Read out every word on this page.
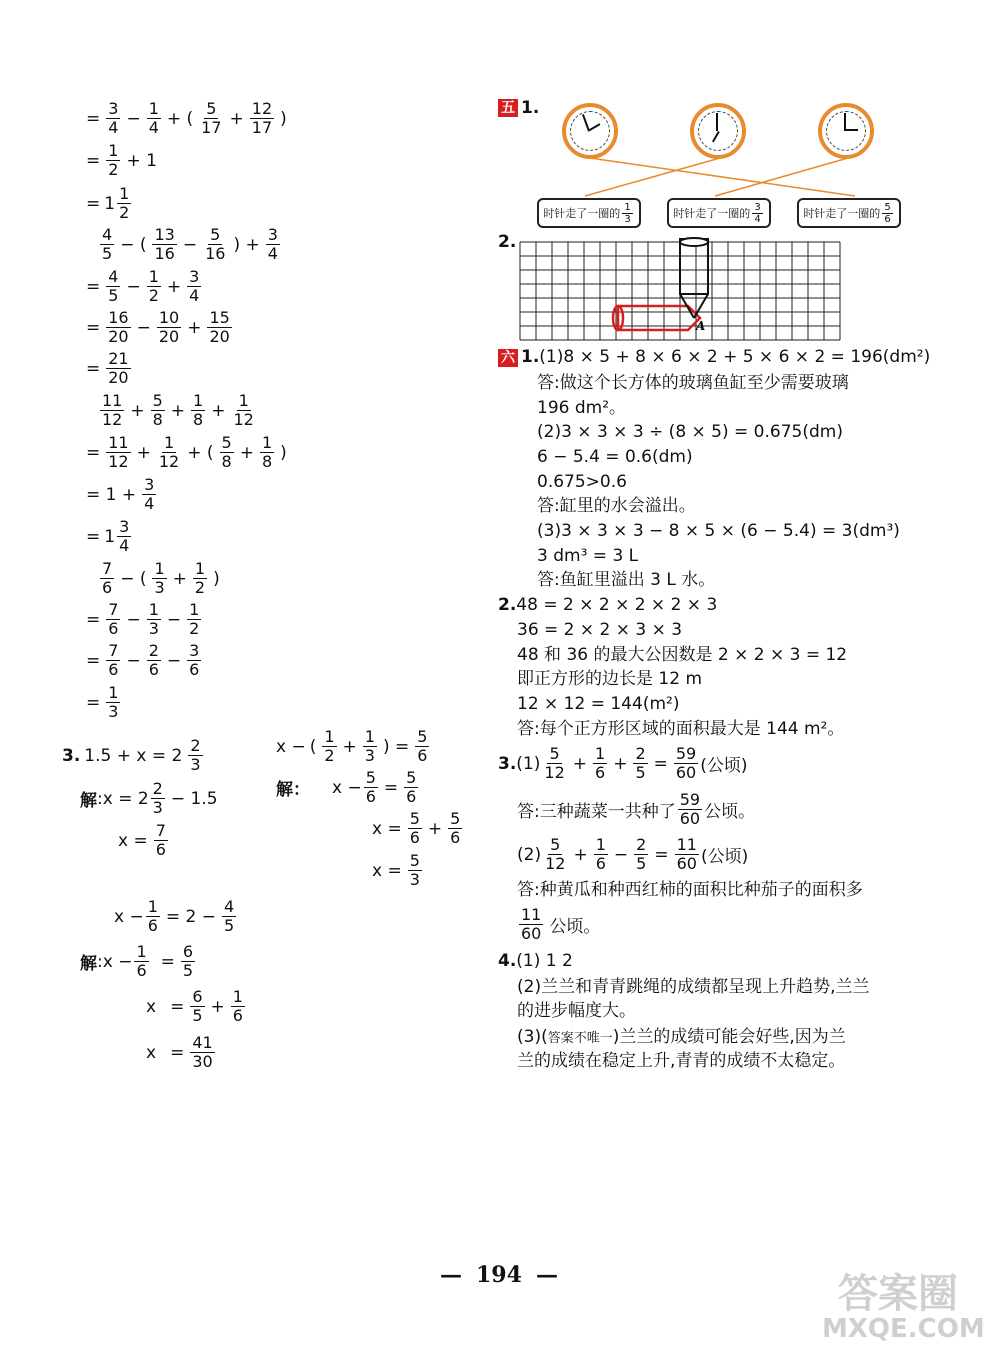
= $\frac{3}{4} - \frac{1}{4}$ + ( $\frac{5}{17} + \frac{12}{17}$ )
= $\frac{1}{2} + 1$
= $1 \frac{1}{2}$
$\frac{4}{5}$ − ( $\frac{13}{16} - \frac{5}{16}$ ) + $\frac{3}{4}$
= $\frac{4}{5} - \frac{1}{2} + \frac{3}{4}$
= $\frac{16}{20} - \frac{10}{20} + \frac{15}{20}$
= $\frac{21}{20}$
$\frac{11}{12} + \frac{5}{8} + \frac{1}{8} + \frac{1}{12}$
= $\frac{11}{12} + \frac{1}{12}$ + ( $\frac{5}{8} + \frac{1}{8}$ )
= $1 + \frac{3}{4}$
= $1 \frac{3}{4}$
$\frac{7}{6}$ − ( $\frac{1}{3} + \frac{1}{2}$ )
= $\frac{7}{6} - \frac{1}{3} - \frac{1}{2}$
= $\frac{7}{6} - \frac{2}{6} - \frac{3}{6}$
= $\frac{1}{3}$
3. $1.5 + x = 2 \frac{2}{3}$
解 :x = $2 \frac{2}{3} - 1.5$
$x = \frac{7}{6}$
x − ( $\frac{1}{2} + \frac{1}{3}$ ) = $\frac{5}{6}$
解： $x - \frac{5}{6} = \frac{5}{6}$
$x = \frac{5}{6} + \frac{5}{6}$
$x = \frac{5}{3}$
$x - \frac{1}{6} = 2 - \frac{4}{5}$
解 :x − $\frac{1}{6} = \frac{6}{5}$
$x = \frac{6}{5} + \frac{1}{6}$
$x = \frac{41}{30}$
五 1.
时针走了一圈的 $\frac{1}{3}$	时针走了一圈的 $\frac{3}{4}$	时针走了一圈的 $\frac{5}{6}$
2.
A
六 1.(1)8 × 5 + 8 × 6 × 2 + 5 × 6 × 2 = 196(dm²)
答:做这个长方体的玻璃鱼缸至少需要玻璃
196 dm²。
(2)3 × 3 × 3 ÷ (8 × 5) = 0.675(dm)
6 − 5.4 = 0.6(dm)
0.675>0.6
答:缸里的水会溢出。
(3)3 × 3 × 3 − 8 × 5 × (6 − 5.4) = 3(dm³)
3 dm³ = 3 L
答:鱼缸里溢出 3 L 水。
2.48 = 2 × 2 × 2 × 2 × 3
36 = 2 × 2 × 3 × 3
48 和 36 的最大公因数是 2 × 2 × 3 = 12
即正方形的边长是 12 m
12 × 12 = 144(m²)
答:每个正方形区域的面积最大是 144 m²。
3. $(1) \frac{5}{12} + \frac{1}{6} + \frac{2}{5} = \frac{59}{60}$ (公顷)
答:三种蔬菜一共种了 $\frac{59}{60}$ 公顷。
$(2) \frac{5}{12} + \frac{1}{6} - \frac{2}{5} = \frac{11}{60}$ (公顷)
答:种黄瓜和种西红柿的面积比种茄子的面积多
$\frac{11}{60}$ 公顷。
4.(1) 1 2
(2)兰兰和青青跳绳的成绩都呈现上升趋势,兰兰
的进步幅度大。
(3)(答案不唯一)兰兰的成绩可能会好些,因为兰
兰的成绩在稳定上升,青青的成绩不太稳定。
— 194 —	答案圈
MXQE.COM
